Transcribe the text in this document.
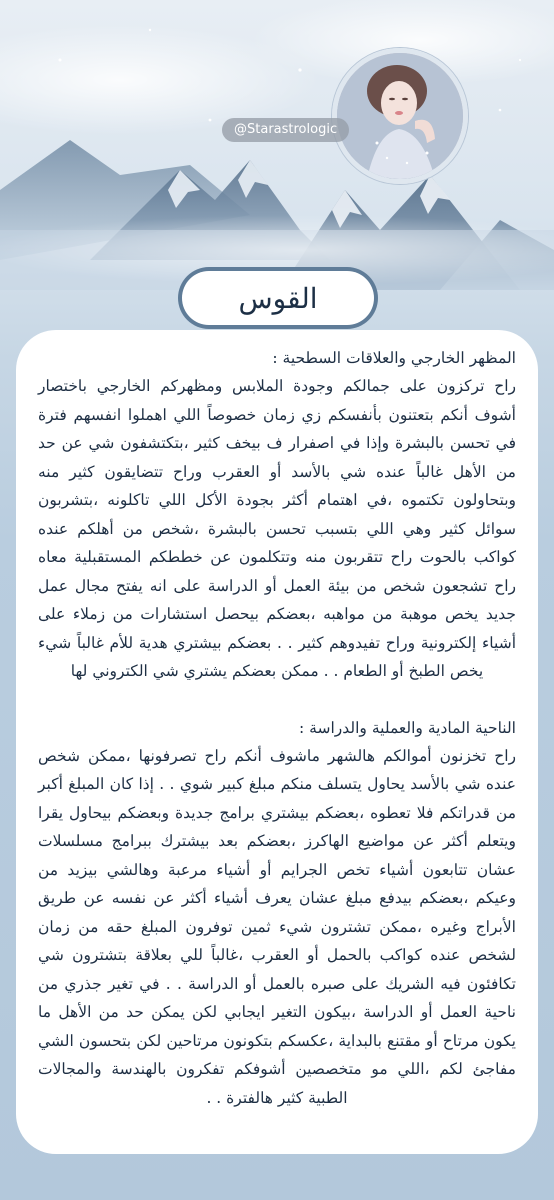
@Starastrologic
القوس

المظهر الخارجي والعلاقات السطحية :

راح تركزون على جمالكم وجودة الملابس ومظهركم الخارجي باختصار أشوف أنكم بتعتنون بأنفسكم زي زمان خصوصاً اللي اهملوا انفسهم فترة في تحسن بالبشرة وإذا في اصفرار ف بيخف كثير ،بتكتشفون شي عن حد من الأهل غالباً عنده شي بالأسد أو العقرب وراح تتضايقون كثير منه وبتحاولون تكتموه ،في اهتمام أكثر بجودة الأكل اللي تاكلونه ،بتشربون سوائل كثير وهي اللي بتسبب تحسن بالبشرة ،شخص من أهلكم عنده كواكب بالحوت راح تتقربون منه وتتكلمون عن خططكم المستقبلية معاه راح تشجعون شخص من بيئة العمل أو الدراسة على انه يفتح مجال عمل جديد يخص موهبة من مواهبه ،بعضكم بيحصل استشارات من زملاء على أشياء إلكترونية وراح تفيدوهم كثير . . بعضكم بيشتري هدية للأم غالباً شيء يخص الطبخ أو الطعام . . ممكن بعضكم يشتري شي الكتروني لها

الناحية المادية والعملية والدراسة :

راح تخزنون أموالكم هالشهر ماشوف أنكم راح تصرفونها ،ممكن شخص عنده شي بالأسد يحاول يتسلف منكم مبلغ كبير شوي . . إذا كان المبلغ أكبر من قدراتكم فلا تعطوه ،بعضكم بيشتري برامج جديدة وبعضكم بيحاول يقرا ويتعلم أكثر عن مواضيع الهاكرز ،بعضكم بعد بيشترك ببرامج مسلسلات عشان تتابعون أشياء تخص الجرايم أو أشياء مرعبة وهالشي بيزيد من وعيكم ،بعضكم بيدفع مبلغ عشان يعرف أشياء أكثر عن نفسه عن طريق الأبراج وغيره ،ممكن تشترون شيء ثمين توفرون المبلغ حقه من زمان لشخص عنده كواكب بالحمل أو العقرب ،غالباً للي بعلاقة بتشترون شي تكافئون فيه الشريك على صبره بالعمل أو الدراسة . . في تغير جذري من ناحية العمل أو الدراسة ،بيكون التغير ايجابي لكن يمكن حد من الأهل ما يكون مرتاح أو مقتنع بالبداية ،عكسكم بتكونون مرتاحين لكن بتحسون الشي مفاجئ لكم ،اللي مو متخصصين أشوفكم تفكرون بالهندسة والمجالات الطبية كثير هالفترة . .
